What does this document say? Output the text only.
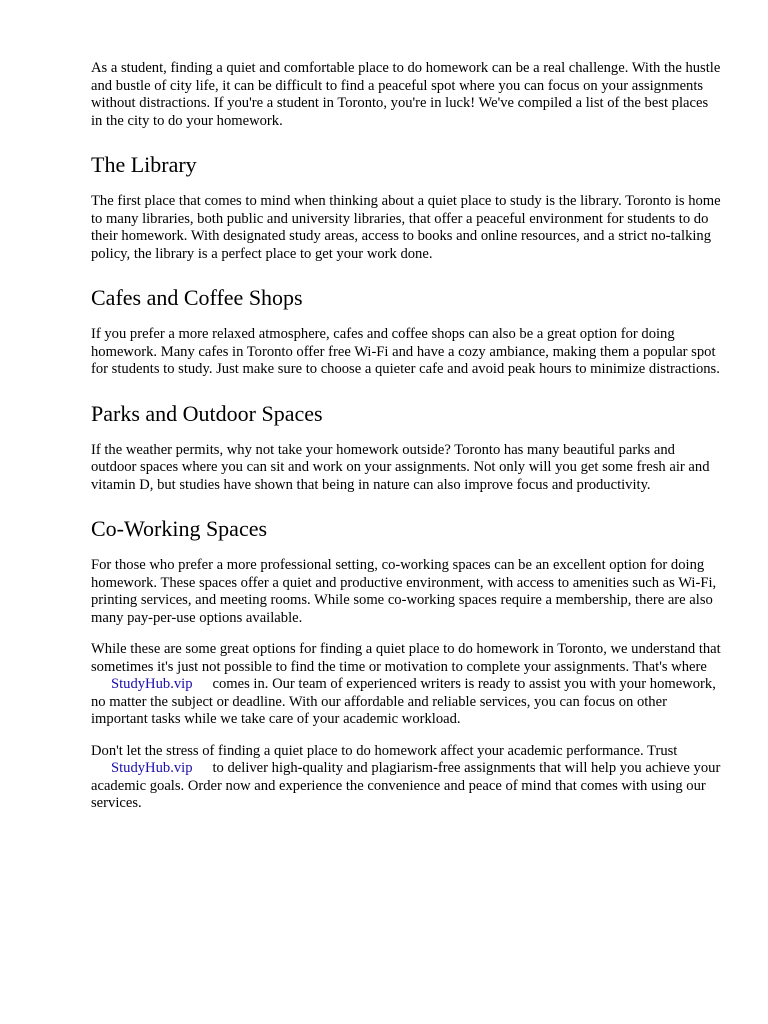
As a student, finding a quiet and comfortable place to do homework can be a real challenge. With the hustle and bustle of city life, it can be difficult to find a peaceful spot where you can focus on your assignments without distractions. If you're a student in Toronto, you're in luck! We've compiled a list of the best places in the city to do your homework.

The Library

The first place that comes to mind when thinking about a quiet place to study is the library. Toronto is home to many libraries, both public and university libraries, that offer a peaceful environment for students to do their homework. With designated study areas, access to books and online resources, and a strict no-talking policy, the library is a perfect place to get your work done.

Cafes and Coffee Shops

If you prefer a more relaxed atmosphere, cafes and coffee shops can also be a great option for doing homework. Many cafes in Toronto offer free Wi-Fi and have a cozy ambiance, making them a popular spot for students to study. Just make sure to choose a quieter cafe and avoid peak hours to minimize distractions.

Parks and Outdoor Spaces

If the weather permits, why not take your homework outside? Toronto has many beautiful parks and outdoor spaces where you can sit and work on your assignments. Not only will you get some fresh air and vitamin D, but studies have shown that being in nature can also improve focus and productivity.

Co-Working Spaces

For those who prefer a more professional setting, co-working spaces can be an excellent option for doing homework. These spaces offer a quiet and productive environment, with access to amenities such as Wi-Fi, printing services, and meeting rooms. While some co-working spaces require a membership, there are also many pay-per-use options available.

While these are some great options for finding a quiet place to do homework in Toronto, we understand that sometimes it's just not possible to find the time or motivation to complete your assignments. That's whereStudyHub.vip comes in. Our team of experienced writers is ready to assist you with your homework, no matter the subject or deadline. With our affordable and reliable services, you can focus on other important tasks while we take care of your academic workload.

Don't let the stress of finding a quiet place to do homework affect your academic performance. Trust
StudyHub.vip to deliver high-quality and plagiarism-free assignments that will help you achieve your academic goals. Order now and experience the convenience and peace of mind that comes with using our services.
